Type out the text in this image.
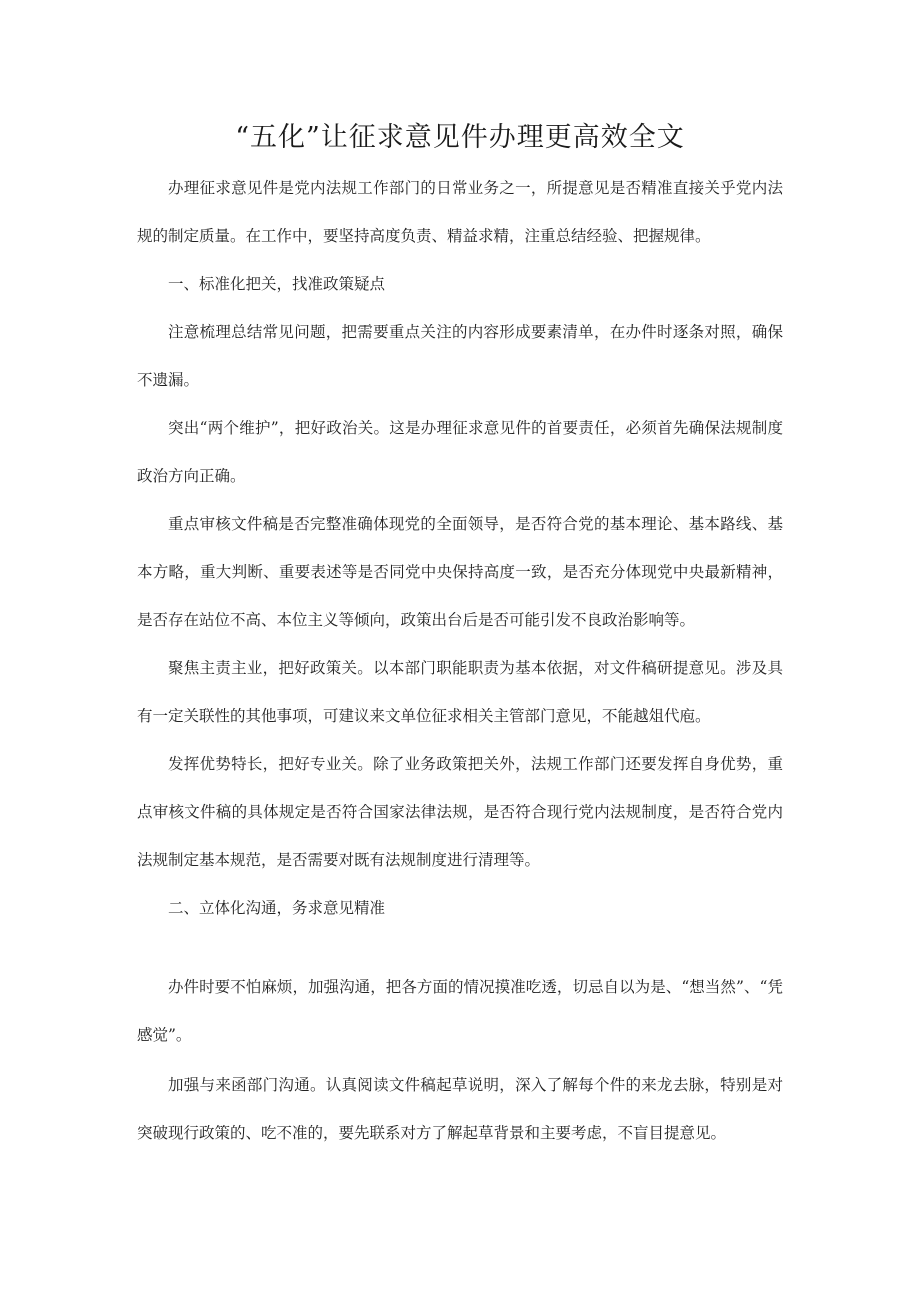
“五化”让征求意见件办理更高效全文

办理征求意见件是党内法规工作部门的日常业务之一，所提意见是否精准直接关乎党内法规的制定质量。在工作中，要坚持高度负责、精益求精，注重总结经验、把握规律。

一、标准化把关，找准政策疑点

注意梳理总结常见问题，把需要重点关注的内容形成要素清单，在办件时逐条对照，确保不遗漏。

突出“两个维护”，把好政治关。这是办理征求意见件的首要责任，必须首先确保法规制度政治方向正确。

重点审核文件稿是否完整准确体现党的全面领导，是否符合党的基本理论、基本路线、基本方略，重大判断、重要表述等是否同党中央保持高度一致，是否充分体现党中央最新精神，是否存在站位不高、本位主义等倾向，政策出台后是否可能引发不良政治影响等。

聚焦主责主业，把好政策关。以本部门职能职责为基本依据，对文件稿研提意见。涉及具有一定关联性的其他事项，可建议来文单位征求相关主管部门意见，不能越俎代庖。

发挥优势特长，把好专业关。除了业务政策把关外，法规工作部门还要发挥自身优势，重点审核文件稿的具体规定是否符合国家法律法规，是否符合现行党内法规制度，是否符合党内法规制定基本规范，是否需要对既有法规制度进行清理等。

二、立体化沟通，务求意见精准

办件时要不怕麻烦，加强沟通，把各方面的情况摸准吃透，切忌自以为是、“想当然”、“凭感觉”。

加强与来函部门沟通。认真阅读文件稿起草说明，深入了解每个件的来龙去脉，特别是对突破现行政策的、吃不准的，要先联系对方了解起草背景和主要考虑，不盲目提意见。
